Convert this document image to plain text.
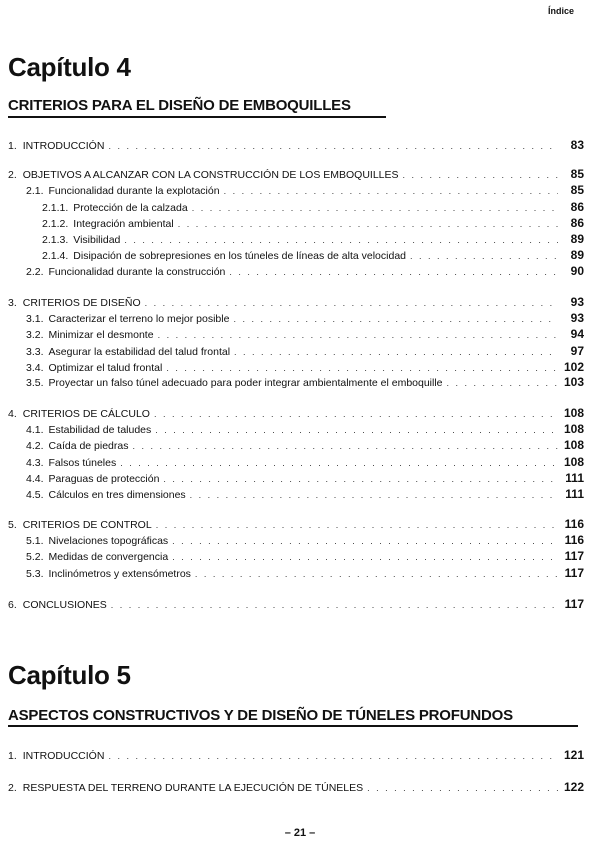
Índice
Capítulo 4
CRITERIOS PARA EL DISEÑO DE EMBOQUILLES
1. INTRODUCCIÓN . . .	83
2. OBJETIVOS A ALCANZAR CON LA CONSTRUCCIÓN DE LOS EMBOQUILLES . . .	85
2.1. Funcionalidad durante la explotación . . .	85
2.1.1. Protección de la calzada . . .	86
2.1.2. Integración ambiental . . .	86
2.1.3. Visibilidad . . .	89
2.1.4. Disipación de sobrepresiones en los túneles de líneas de alta velocidad . . .	89
2.2. Funcionalidad durante la construcción . . .	90
3. CRITERIOS DE DISEÑO . . .	93
3.1. Caracterizar el terreno lo mejor posible . . .	93
3.2. Minimizar el desmonte . . .	94
3.3. Asegurar la estabilidad del talud frontal . . .	97
3.4. Optimizar el talud frontal . . .	102
3.5. Proyectar un falso túnel adecuado para poder integrar ambientalmente el emboquille . . .	103
4. CRITERIOS DE CÁLCULO . . .	108
4.1. Estabilidad de taludes . . .	108
4.2. Caída de piedras . . .	108
4.3. Falsos túneles . . .	108
4.4. Paraguas de protección . . .	111
4.5. Cálculos en tres dimensiones . . .	111
5. CRITERIOS DE CONTROL . . .	116
5.1. Nivelaciones topográficas . . .	116
5.2. Medidas de convergencia . . .	117
5.3. Inclinómetros y extensómetros . . .	117
6. CONCLUSIONES . . .	117
Capítulo 5
ASPECTOS CONSTRUCTIVOS Y DE DISEÑO DE TÚNELES PROFUNDOS
1. INTRODUCCIÓN . . .	121
2. RESPUESTA DEL TERRENO DURANTE LA EJECUCIÓN DE TÚNELES . . .	122
– 21 –
